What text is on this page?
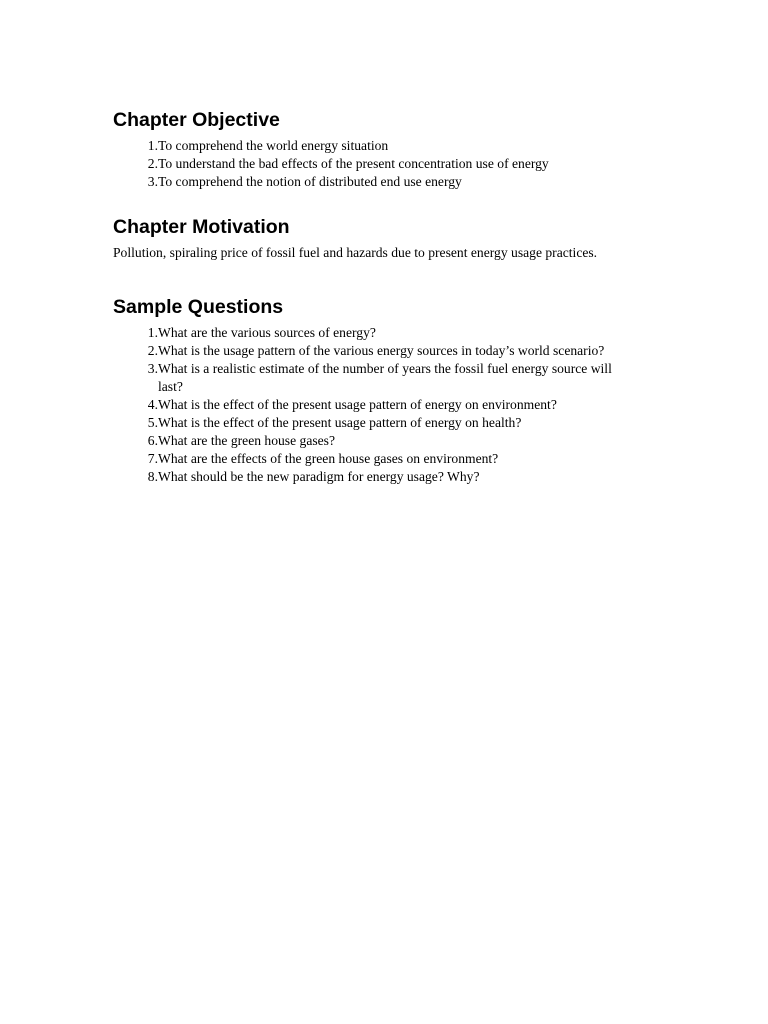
Chapter Objective
1. To comprehend the world energy situation
2. To understand the bad effects of the present concentration use of energy
3. To comprehend the notion of distributed end use energy
Chapter Motivation

Pollution, spiraling price of fossil fuel and hazards due to present energy usage practices.

Sample Questions
1. What are the various sources of energy?
2. What is the usage pattern of the various energy sources in today’s world scenario?
3. What is a realistic estimate of the number of years the fossil fuel energy source will last?
4. What is the effect of the present usage pattern of energy on environment?
5. What is the effect of the present usage pattern of energy on health?
6. What are the green house gases?
7. What are the effects of the green house gases on environment?
8. What should be the new paradigm for energy usage? Why?
